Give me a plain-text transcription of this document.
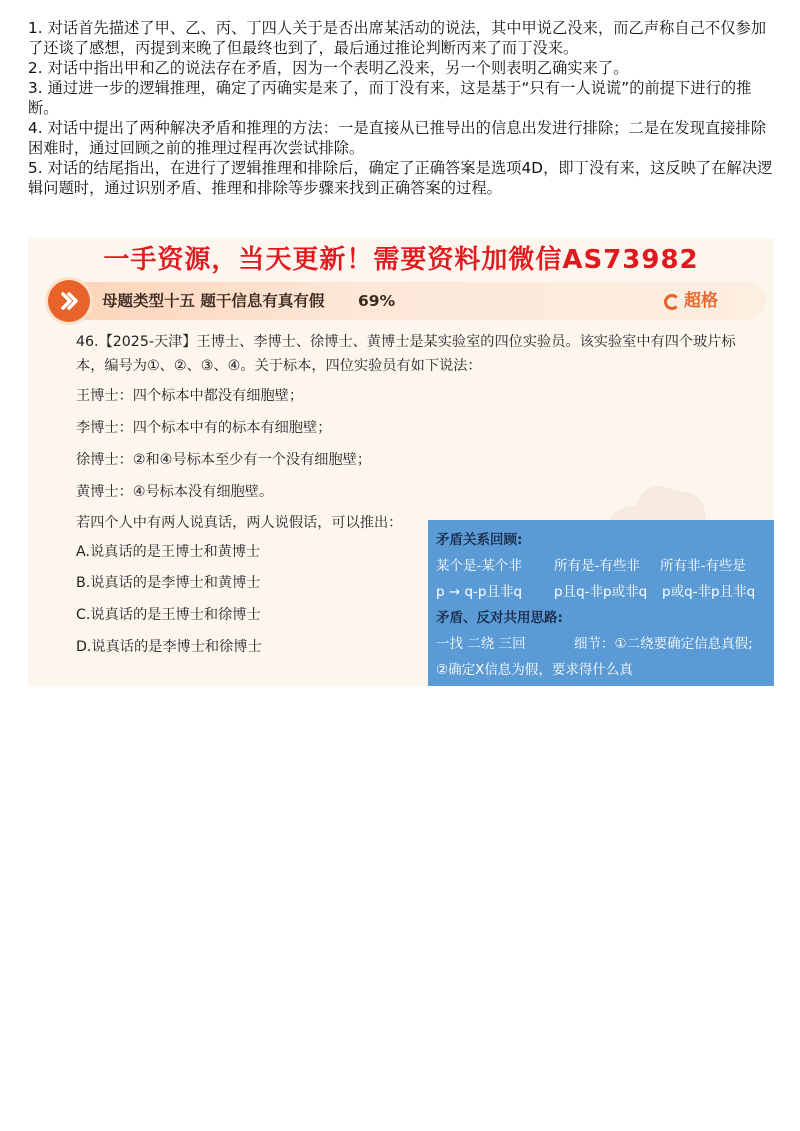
1. 对话首先描述了甲、乙、丙、丁四人关于是否出席某活动的说法，其中甲说乙没来，而乙声称自己不仅参加了还谈了感想，丙提到来晚了但最终也到了，最后通过推论判断丙来了而丁没来。

2. 对话中指出甲和乙的说法存在矛盾，因为一个表明乙没来，另一个则表明乙确实来了。

3. 通过进一步的逻辑推理，确定了丙确实是来了，而丁没有来，这是基于“只有一人说谎”的前提下进行的推断。

4. 对话中提出了两种解决矛盾和推理的方法：一是直接从已推导出的信息出发进行排除；二是在发现直接排除困难时，通过回顾之前的推理过程再次尝试排除。

5. 对话的结尾指出，在进行了逻辑推理和排除后，确定了正确答案是选项4D，即丁没有来，这反映了在解决逻辑问题时，通过识别矛盾、推理和排除等步骤来找到正确答案的过程。

一手资源，当天更新！需要资料加微信AS73982
母题类型十五 题干信息有真有假 69%	超格
46.【2025-天津】王博士、李博士、徐博士、黄博士是某实验室的四位实验员。该实验室中有四个玻片标本，编号为①、②、③、④。关于标本，四位实验员有如下说法：
王博士：四个标本中都没有细胞壁；
李博士：四个标本中有的标本有细胞壁；
徐博士：②和④号标本至少有一个没有细胞壁；
黄博士：④号标本没有细胞壁。
若四个人中有两人说真话，两人说假话，可以推出：
A.说真话的是王博士和黄博士
B.说真话的是李博士和黄博士
C.说真话的是王博士和徐博士
D.说真话的是李博士和徐博士
矛盾关系回顾:
某个是-某个非 所有是-有些非 所有非-有些是
p → q-p且非q p且q-非p或非q p或q-非p且非q
矛盾、反对共用思路:
一找 二绕 三回	细节：①二绕要确定信息真假;
②确定X信息为假，要求得什么真
